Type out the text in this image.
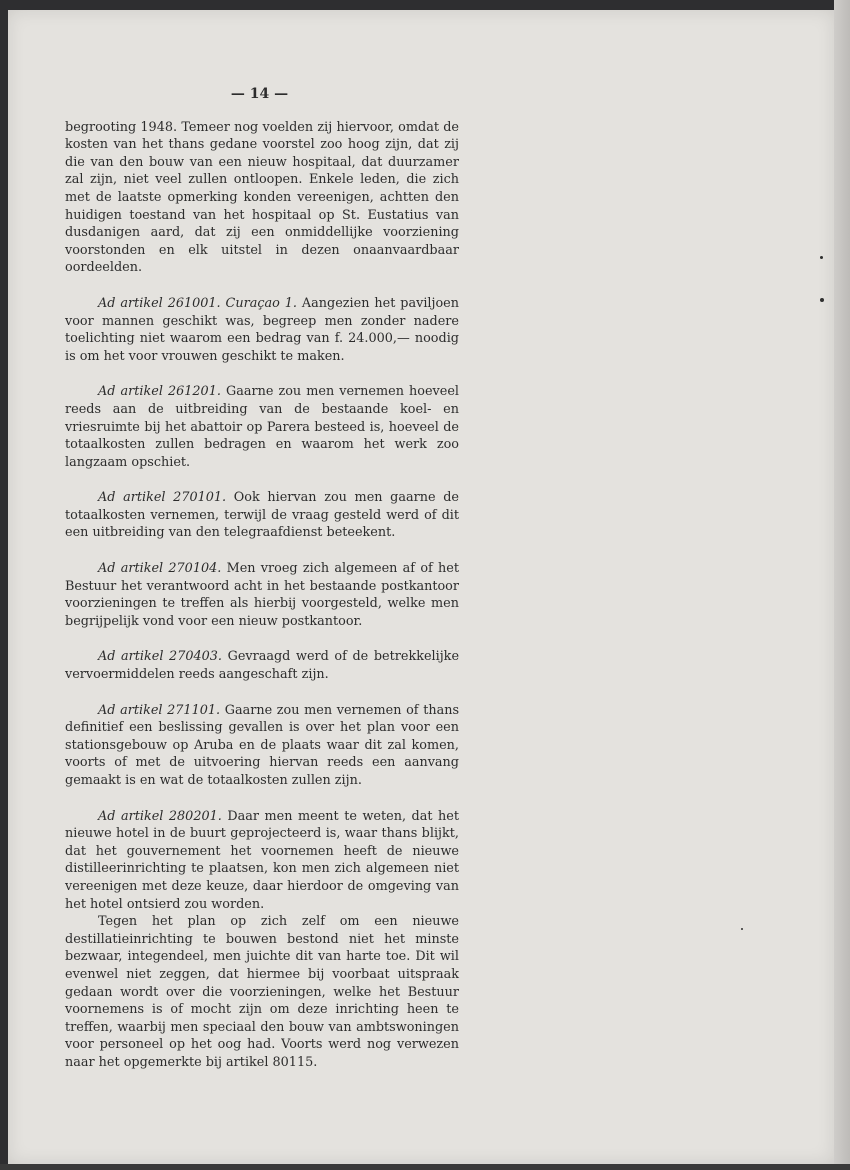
— 14 —

begrooting 1948. Temeer nog voelden zij hiervoor, omdat de kosten van het thans gedane voorstel zoo hoog zijn, dat zij die van den bouw van een nieuw hospitaal, dat duurzamer zal zijn, niet veel zullen ontloopen. Enkele leden, die zich met de laatste opmerking konden vereenigen, achtten den huidigen toestand van het hospitaal op St. Eustatius van dusdanigen aard, dat zij een onmiddellijke voorziening voorstonden en elk uitstel in dezen onaanvaardbaar oordeelden.

Ad artikel 261001. Curaçao 1. Aangezien het paviljoen voor mannen geschikt was, begreep men zonder nadere toelichting niet waarom een bedrag van f. 24.000,— noodig is om het voor vrouwen geschikt te maken.

Ad artikel 261201. Gaarne zou men vernemen hoeveel reeds aan de uitbreiding van de bestaande koel- en vriesruimte bij het abattoir op Parera besteed is, hoeveel de totaalkosten zullen bedragen en waarom het werk zoo langzaam opschiet.

Ad artikel 270101. Ook hiervan zou men gaarne de totaalkosten vernemen, terwijl de vraag gesteld werd of dit een uitbreiding van den telegraafdienst beteekent.

Ad artikel 270104. Men vroeg zich algemeen af of het Bestuur het verantwoord acht in het bestaande postkantoor voorzieningen te treffen als hierbij voorgesteld, welke men begrijpelijk vond voor een nieuw postkantoor.

Ad artikel 270403. Gevraagd werd of de betrekkelijke vervoermiddelen reeds aangeschaft zijn.

Ad artikel 271101. Gaarne zou men vernemen of thans definitief een beslissing gevallen is over het plan voor een stationsgebouw op Aruba en de plaats waar dit zal komen, voorts of met de uitvoering hiervan reeds een aanvang gemaakt is en wat de totaalkosten zullen zijn.

Ad artikel 280201. Daar men meent te weten, dat het nieuwe hotel in de buurt geprojecteerd is, waar thans blijkt, dat het gouvernement het voornemen heeft de nieuwe distilleerinrichting te plaatsen, kon men zich algemeen niet vereenigen met deze keuze, daar hierdoor de omgeving van het hotel ontsierd zou worden.

Tegen het plan op zich zelf om een nieuwe destillatieinrichting te bouwen bestond niet het minste bezwaar, integendeel, men juichte dit van harte toe. Dit wil evenwel niet zeggen, dat hiermee bij voorbaat uitspraak gedaan wordt over die voorzieningen, welke het Bestuur voornemens is of mocht zijn om deze inrichting heen te treffen, waarbij men speciaal den bouw van ambtswoningen voor personeel op het oog had. Voorts werd nog verwezen naar het opgemerkte bij artikel 80115.
